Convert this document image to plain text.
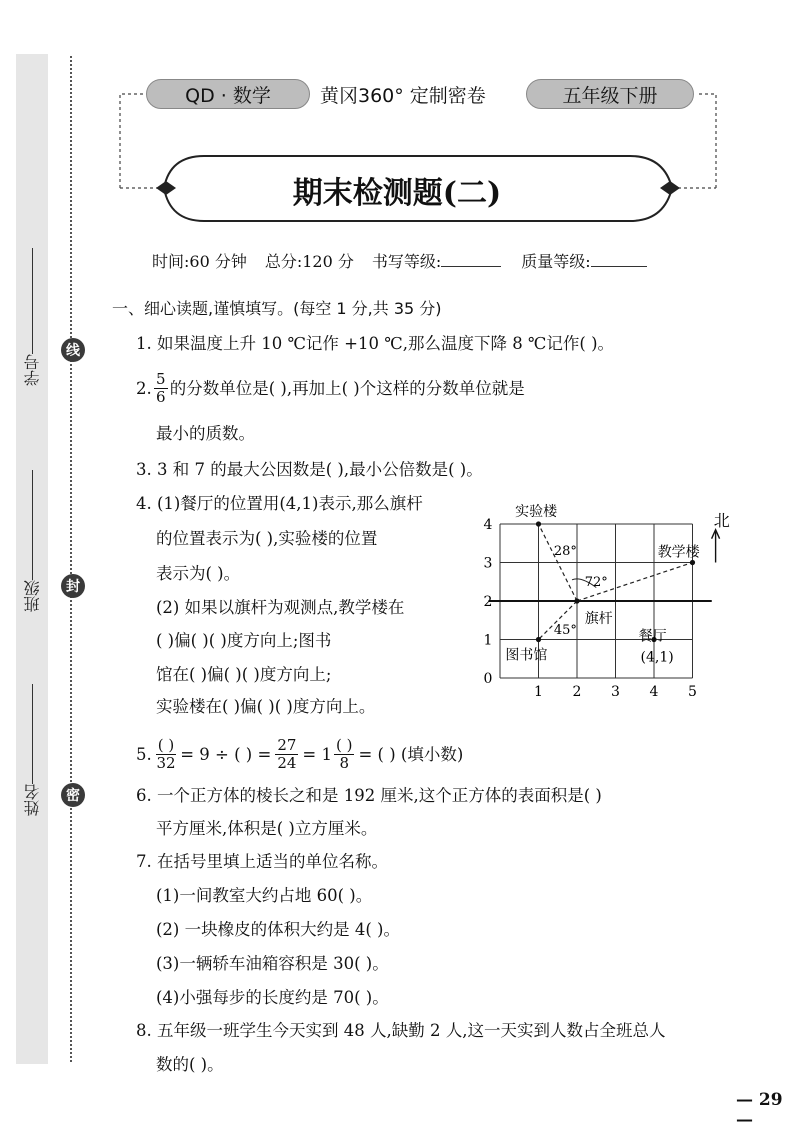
学号
班级
姓名
线
封
密
QD · 数学	黄冈360° 定制密卷	五年级下册
期末检测题(二)
时间:60 分钟 总分:120 分 书写等级:	质量等级:
一、细心读题,谨慎填写。(每空 1 分,共 35 分)
1. 如果温度上升 10 ℃记作 +10 ℃,那么温度下降 8 ℃记作( )。
2. $\frac{5}{6}$ 的分数单位是( ),再加上( )个这样的分数单位就是
最小的质数。
3. 3 和 7 的最大公因数是( ),最小公倍数是( )。
4. (1)餐厅的位置用(4,1)表示,那么旗杆
的位置表示为( ),实验楼的位置
表示为( )。
(2) 如果以旗杆为观测点,教学楼在
( )偏( )( )度方向上;图书
馆在( )偏( )( )度方向上;
实验楼在( )偏( )( )度方向上。
实验楼
教学楼
旗杆
餐厅
(4,1)
图书馆
28°
72°
45°
北
1 2 3 4 5
0
1
2
3
4
5. $\frac{( )}{32} = 9$ ÷ ( ) = $\frac{27}{24} = 1 \frac{( )}{8}$ = ( ) (填小数)
6. 一个正方体的棱长之和是 192 厘米,这个正方体的表面积是( )
平方厘米,体积是( )立方厘米。
7. 在括号里填上适当的单位名称。
(1)一间教室大约占地 60( )。
(2) 一块橡皮的体积大约是 4( )。
(3)一辆轿车油箱容积是 30( )。
(4)小强每步的长度约是 70( )。
8. 五年级一班学生今天实到 48 人,缺勤 2 人,这一天实到人数占全班总人
数的( )。
— 29 —
